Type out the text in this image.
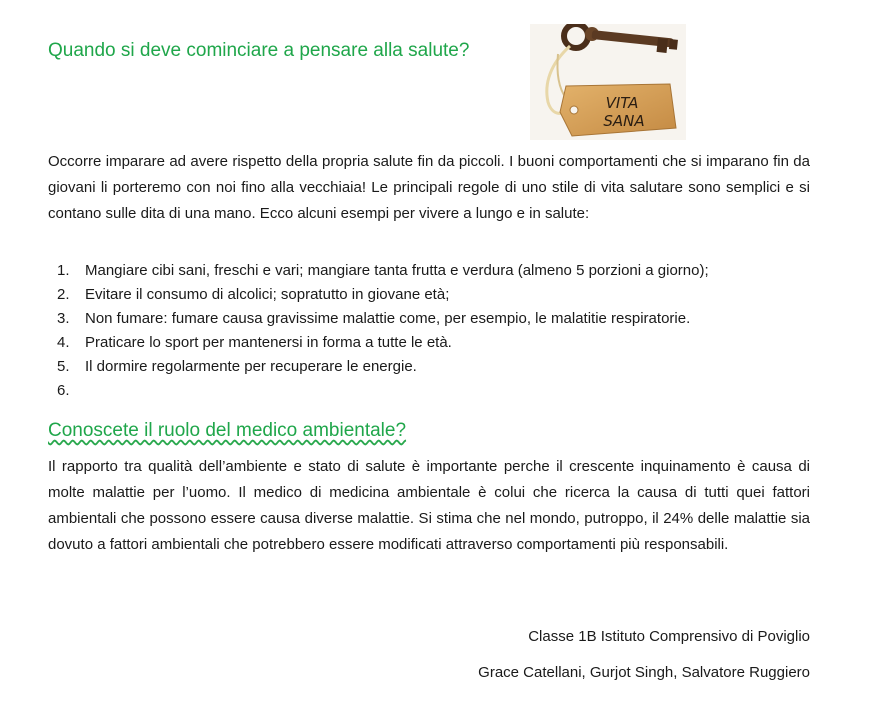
Quando si deve cominciare a pensare alla salute?
VITA
SANA

Occorre imparare ad avere rispetto della propria salute fin da piccoli. I buoni comportamenti che si imparano fin da giovani li porteremo con noi fino alla vecchiaia! Le principali regole di uno stile di vita salutare sono semplici e si contano sulle dita di una mano. Ecco alcuni esempi per vivere a lungo e in salute:

1. Mangiare cibi sani, freschi e vari; mangiare tanta frutta e verdura (almeno 5 porzioni a giorno);
2. Evitare il consumo di alcolici; sopratutto in giovane età;
3. Non fumare: fumare causa gravissime malattie come, per esempio, le malatitie respiratorie.
4. Praticare lo sport per mantenersi in forma a tutte le età.
5. Il dormire regolarmente per recuperare le energie.
6.
Conoscete il ruolo del medico ambientale?

Il rapporto tra qualità dell’ambiente e stato di salute è importante perche il crescente inquinamento è causa di molte malattie per l’uomo. Il medico di medicina ambientale è colui che ricerca la causa di tutti quei fattori ambientali che possono essere causa diverse malattie. Si stima che nel mondo, putroppo, il 24% delle malattie sia dovuto a fattori ambientali che potrebbero essere modificati attraverso comportamenti più responsabili.

Classe 1B Istituto Comprensivo di Poviglio

Grace Catellani, Gurjot Singh, Salvatore Ruggiero
